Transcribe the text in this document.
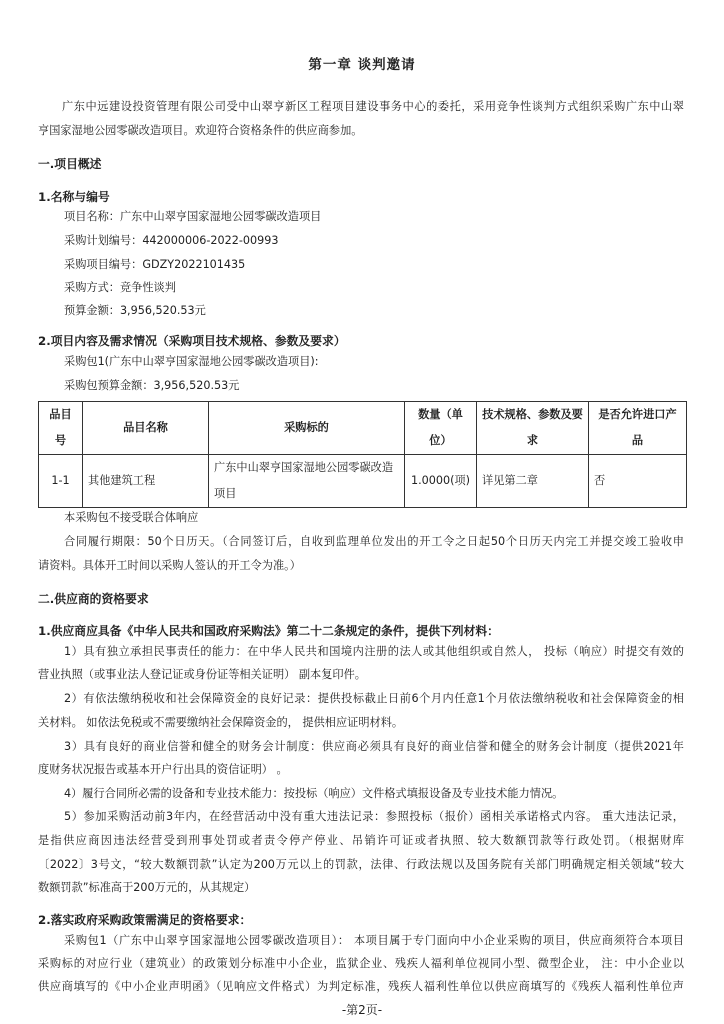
第一章 谈判邀请
广东中远建设投资管理有限公司受中山翠亨新区工程项目建设事务中心的委托，采用竞争性谈判方式组织采购广东中山翠
亨国家湿地公园零碳改造项目。欢迎符合资格条件的供应商参加。
一.项目概述
1.名称与编号
项目名称：广东中山翠亨国家湿地公园零碳改造项目
采购计划编号：442000006-2022-00993
采购项目编号：GDZY2022101435
采购方式：竞争性谈判
预算金额：3,956,520.53元
2.项目内容及需求情况（采购项目技术规格、参数及要求）
采购包1(广东中山翠亨国家湿地公园零碳改造项目):
采购包预算金额：3,956,520.53元
品目号	品目名称	采购标的	数量（单位）	技术规格、参数及要求	是否允许进口产品
1-1	其他建筑工程	广东中山翠亨国家湿地公园零碳改造项目	1.0000(项)	详见第二章	否
本采购包不接受联合体响应
合同履行期限：50个日历天。（合同签订后，自收到监理单位发出的开工令之日起50个日历天内完工并提交竣工验收申
请资料。具体开工时间以采购人签认的开工令为准。）
二.供应商的资格要求
1.供应商应具备《中华人民共和国政府采购法》第二十二条规定的条件，提供下列材料：
1）具有独立承担民事责任的能力：在中华人民共和国境内注册的法人或其他组织或自然人， 投标（响应）时提交有效的
营业执照（或事业法人登记证或身份证等相关证明） 副本复印件。
2）有依法缴纳税收和社会保障资金的良好记录：提供投标截止日前6个月内任意1个月依法缴纳税收和社会保障资金的相
关材料。 如依法免税或不需要缴纳社会保障资金的， 提供相应证明材料。
3）具有良好的商业信誉和健全的财务会计制度：供应商必须具有良好的商业信誉和健全的财务会计制度（提供2021年
度财务状况报告或基本开户行出具的资信证明） 。
4）履行合同所必需的设备和专业技术能力：按投标（响应）文件格式填报设备及专业技术能力情况。
5）参加采购活动前3年内，在经营活动中没有重大违法记录：参照投标（报价）函相关承诺格式内容。 重大违法记录，
是指供应商因违法经营受到刑事处罚或者责令停产停业、吊销许可证或者执照、较大数额罚款等行政处罚。（根据财库
〔2022〕3号文，“较大数额罚款”认定为200万元以上的罚款，法律、行政法规以及国务院有关部门明确规定相关领域“较大
数额罚款”标准高于200万元的，从其规定）
2.落实政府采购政策需满足的资格要求：
采购包1（广东中山翠亨国家湿地公园零碳改造项目）： 本项目属于专门面向中小企业采购的项目，供应商须符合本项目
采购标的对应行业（建筑业）的政策划分标准中小企业，监狱企业、残疾人福利单位视同小型、微型企业， 注：中小企业以
供应商填写的《中小企业声明函》（见响应文件格式）为判定标准，残疾人福利性单位以供应商填写的《残疾人福利性单位声
-第2页-
